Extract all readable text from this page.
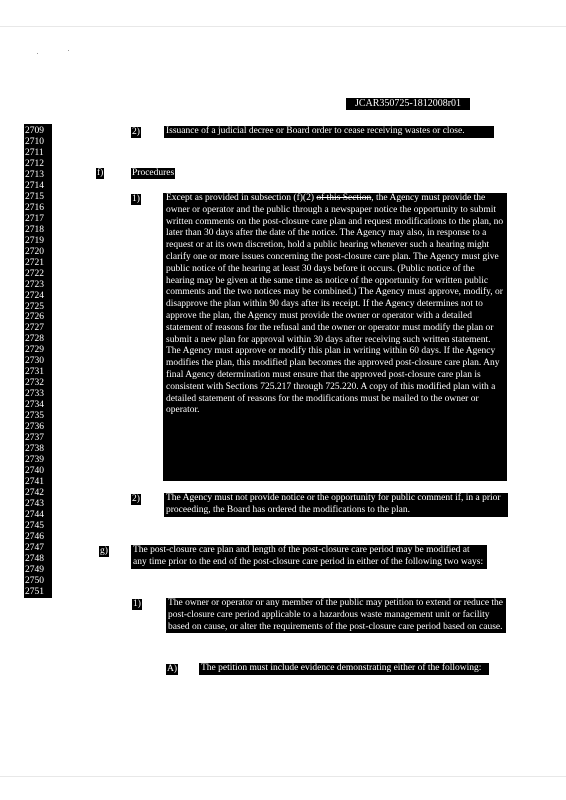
JCAR350725-1812008r01
2709
2710
2711
2712
2713
2714
2715
2716
2717
2718
2719
2720
2721
2722
2723
2724
2725
2726
2727
2728
2729
2730
2731
2732
2733
2734
2735
2736
2737
2738
2739
2740
2741
2742
2743
2744
2745
2746
2747
2748
2749
2750
2751
2)	Issuance of a judicial decree or Board order to cease receiving wastes or close.
f)	Procedures
1)	Except as provided in subsection (f)(2) of this Section, the Agency must provide the owner or operator and the public through a newspaper notice the opportunity to submit written comments on the post-closure care plan and request modifications to the plan, no later than 30 days after the date of the notice. The Agency may also, in response to a request or at its own discretion, hold a public hearing whenever such a hearing might clarify one or more issues concerning the post-closure care plan. The Agency must give public notice of the hearing at least 30 days before it occurs. (Public notice of the hearing may be given at the same time as notice of the opportunity for written public comments and the two notices may be combined.) The Agency must approve, modify, or disapprove the plan within 90 days after its receipt. If the Agency determines not to approve the plan, the Agency must provide the owner or operator with a detailed statement of reasons for the refusal and the owner or operator must modify the plan or submit a new plan for approval within 30 days after receiving such written statement. The Agency must approve or modify this plan in writing within 60 days. If the Agency modifies the plan, this modified plan becomes the approved post-closure care plan. Any final Agency determination must ensure that the approved post-closure care plan is consistent with Sections 725.217 through 725.220. A copy of this modified plan with a detailed statement of reasons for the modifications must be mailed to the owner or operator.
2)	The Agency must not provide notice or the opportunity for public comment if, in a prior proceeding, the Board has ordered the modifications to the plan.
g)	The post-closure care plan and length of the post-closure care period may be modified at any time prior to the end of the post-closure care period in either of the following two ways:
1)	The owner or operator or any member of the public may petition to extend or reduce the post-closure care period applicable to a hazardous waste management unit or facility based on cause, or alter the requirements of the post-closure care period based on cause.
A)	The petition must include evidence demonstrating either of the following:
